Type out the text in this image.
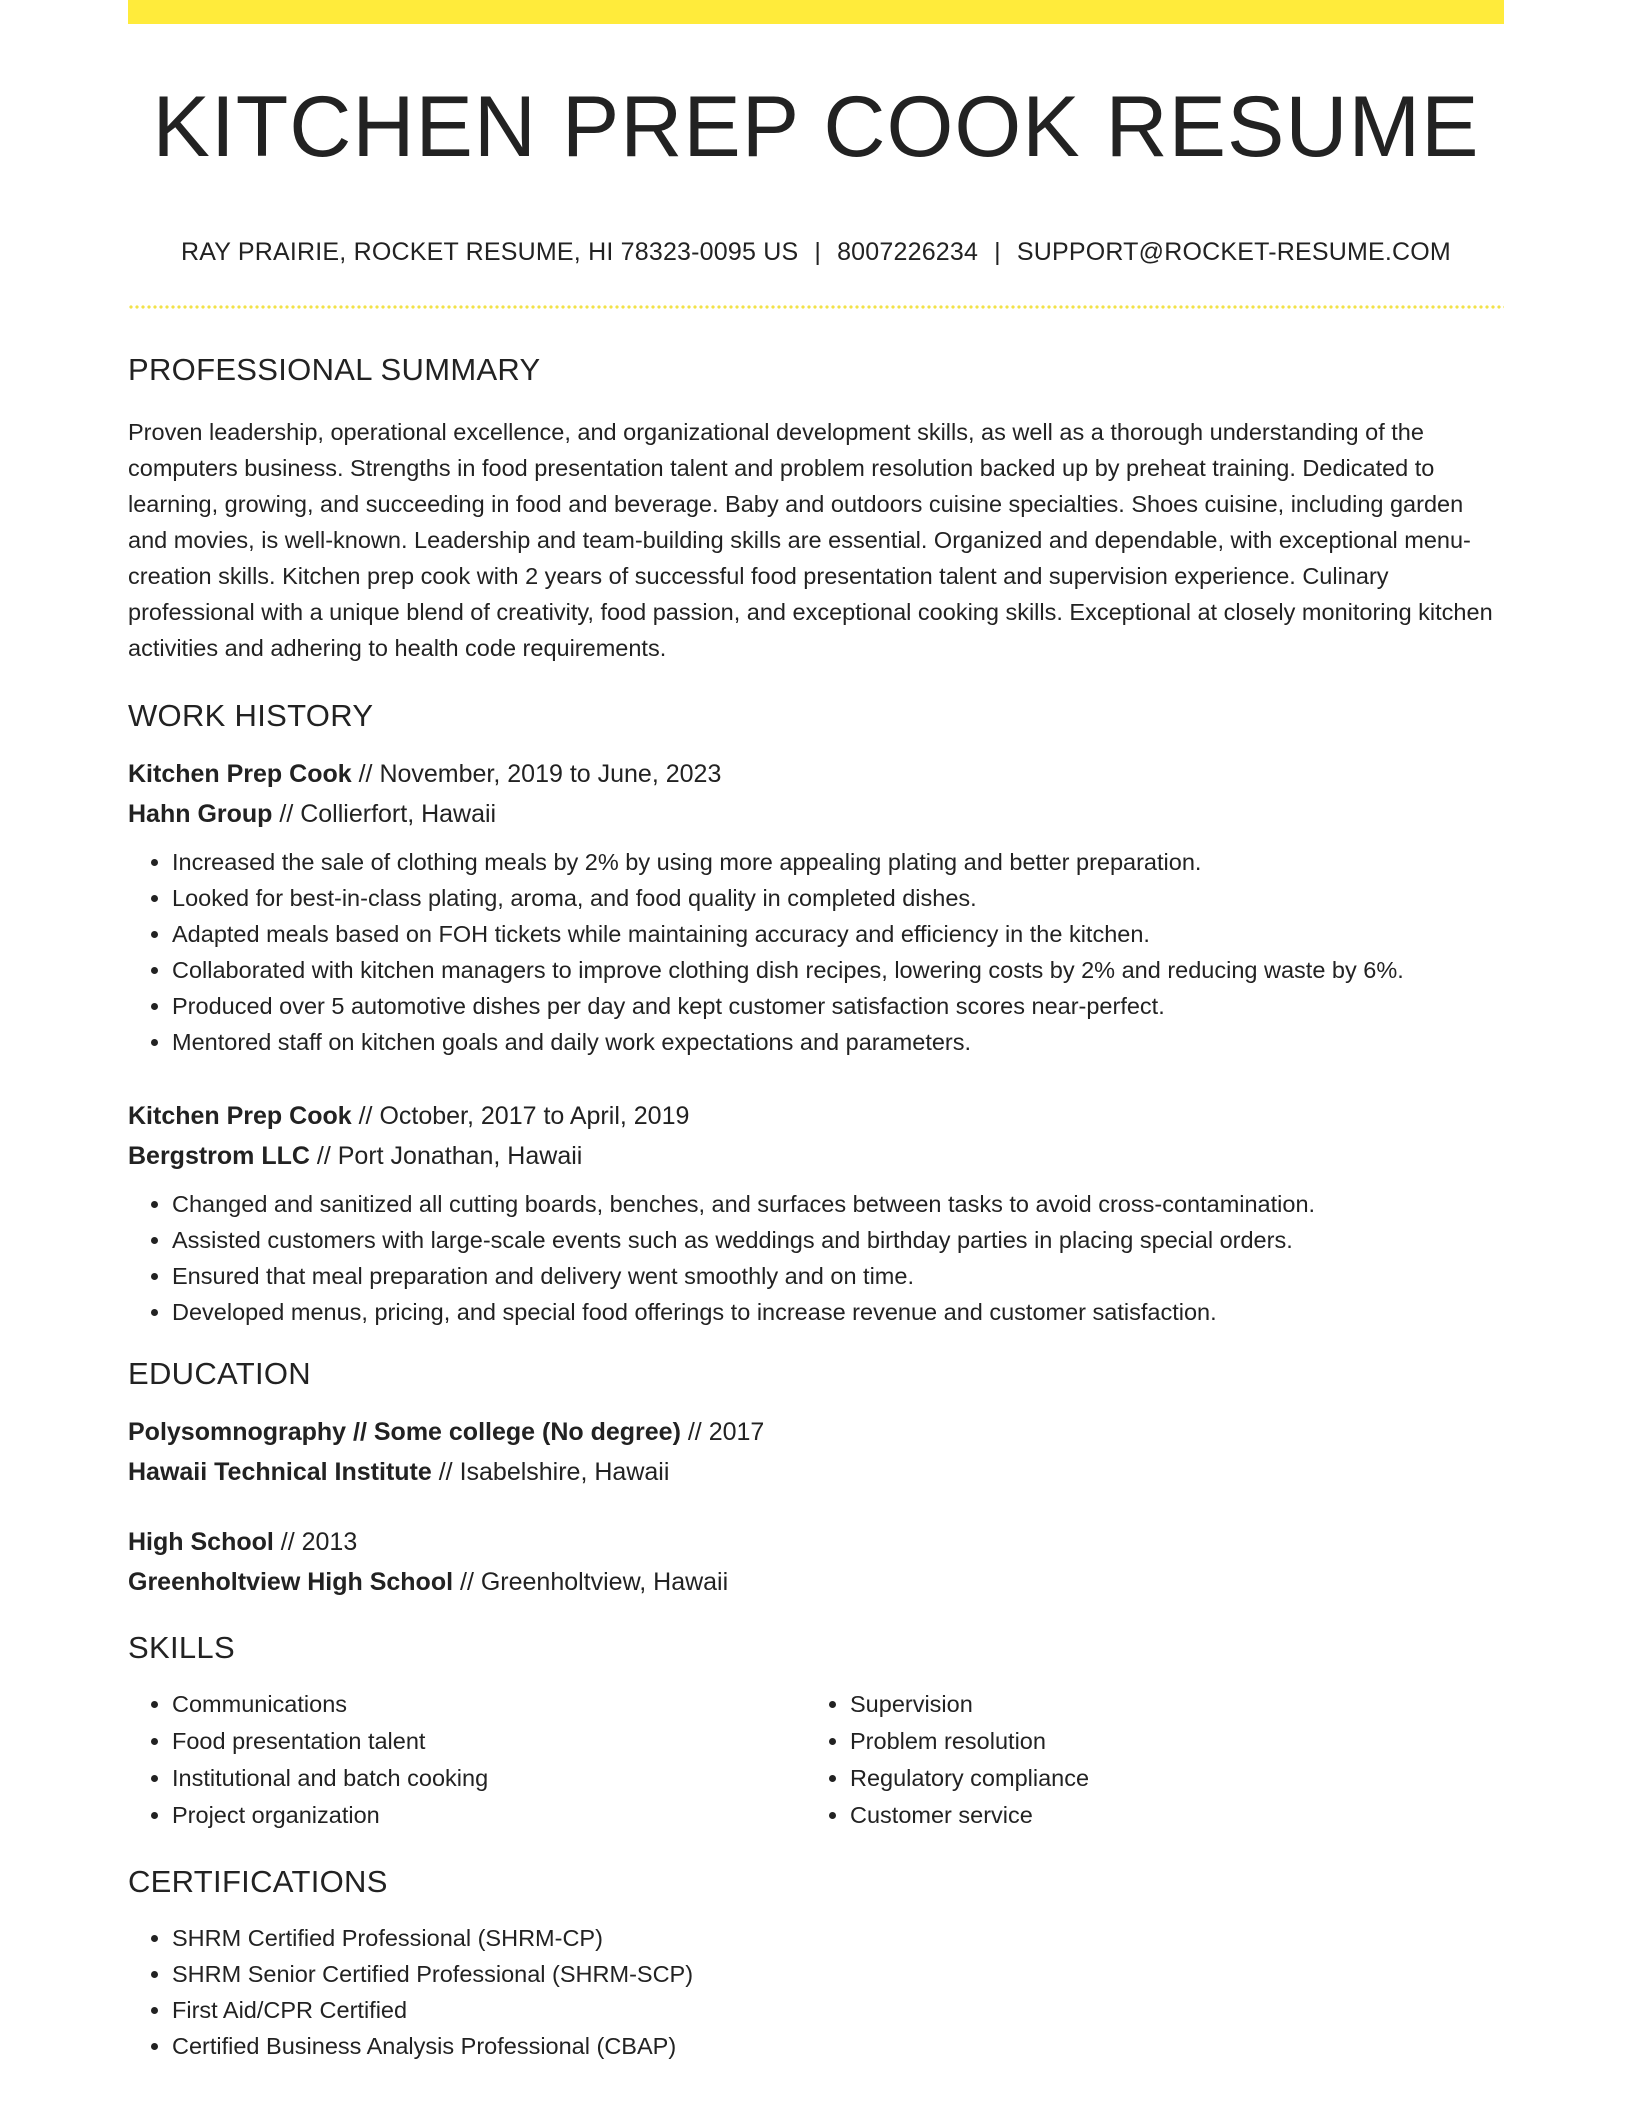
KITCHEN PREP COOK RESUME
RAY PRAIRIE, ROCKET RESUME, HI 78323-0095 US | 8007226234 | SUPPORT@ROCKET-RESUME.COM
PROFESSIONAL SUMMARY

Proven leadership, operational excellence, and organizational development skills, as well as a thorough understanding of the computers business. Strengths in food presentation talent and problem resolution backed up by preheat training. Dedicated to learning, growing, and succeeding in food and beverage. Baby and outdoors cuisine specialties. Shoes cuisine, including garden and movies, is well-known. Leadership and team-building skills are essential. Organized and dependable, with exceptional menu-creation skills. Kitchen prep cook with 2 years of successful food presentation talent and supervision experience. Culinary professional with a unique blend of creativity, food passion, and exceptional cooking skills. Exceptional at closely monitoring kitchen activities and adhering to health code requirements.

WORK HISTORY
Kitchen Prep Cook // November, 2019 to June, 2023
Hahn Group // Collierfort, Hawaii
• Increased the sale of clothing meals by 2% by using more appealing plating and better preparation.
• Looked for best-in-class plating, aroma, and food quality in completed dishes.
• Adapted meals based on FOH tickets while maintaining accuracy and efficiency in the kitchen.
• Collaborated with kitchen managers to improve clothing dish recipes, lowering costs by 2% and reducing waste by 6%.
• Produced over 5 automotive dishes per day and kept customer satisfaction scores near-perfect.
• Mentored staff on kitchen goals and daily work expectations and parameters.
Kitchen Prep Cook // October, 2017 to April, 2019
Bergstrom LLC // Port Jonathan, Hawaii
• Changed and sanitized all cutting boards, benches, and surfaces between tasks to avoid cross-contamination.
• Assisted customers with large-scale events such as weddings and birthday parties in placing special orders.
• Ensured that meal preparation and delivery went smoothly and on time.
• Developed menus, pricing, and special food offerings to increase revenue and customer satisfaction.
EDUCATION
Polysomnography // Some college (No degree) // 2017
Hawaii Technical Institute // Isabelshire, Hawaii
High School // 2013
Greenholtview High School // Greenholtview, Hawaii
SKILLS
• Communications
• Food presentation talent
• Institutional and batch cooking
• Project organization
• Supervision
• Problem resolution
• Regulatory compliance
• Customer service
CERTIFICATIONS
• SHRM Certified Professional (SHRM-CP)
• SHRM Senior Certified Professional (SHRM-SCP)
• First Aid/CPR Certified
• Certified Business Analysis Professional (CBAP)
